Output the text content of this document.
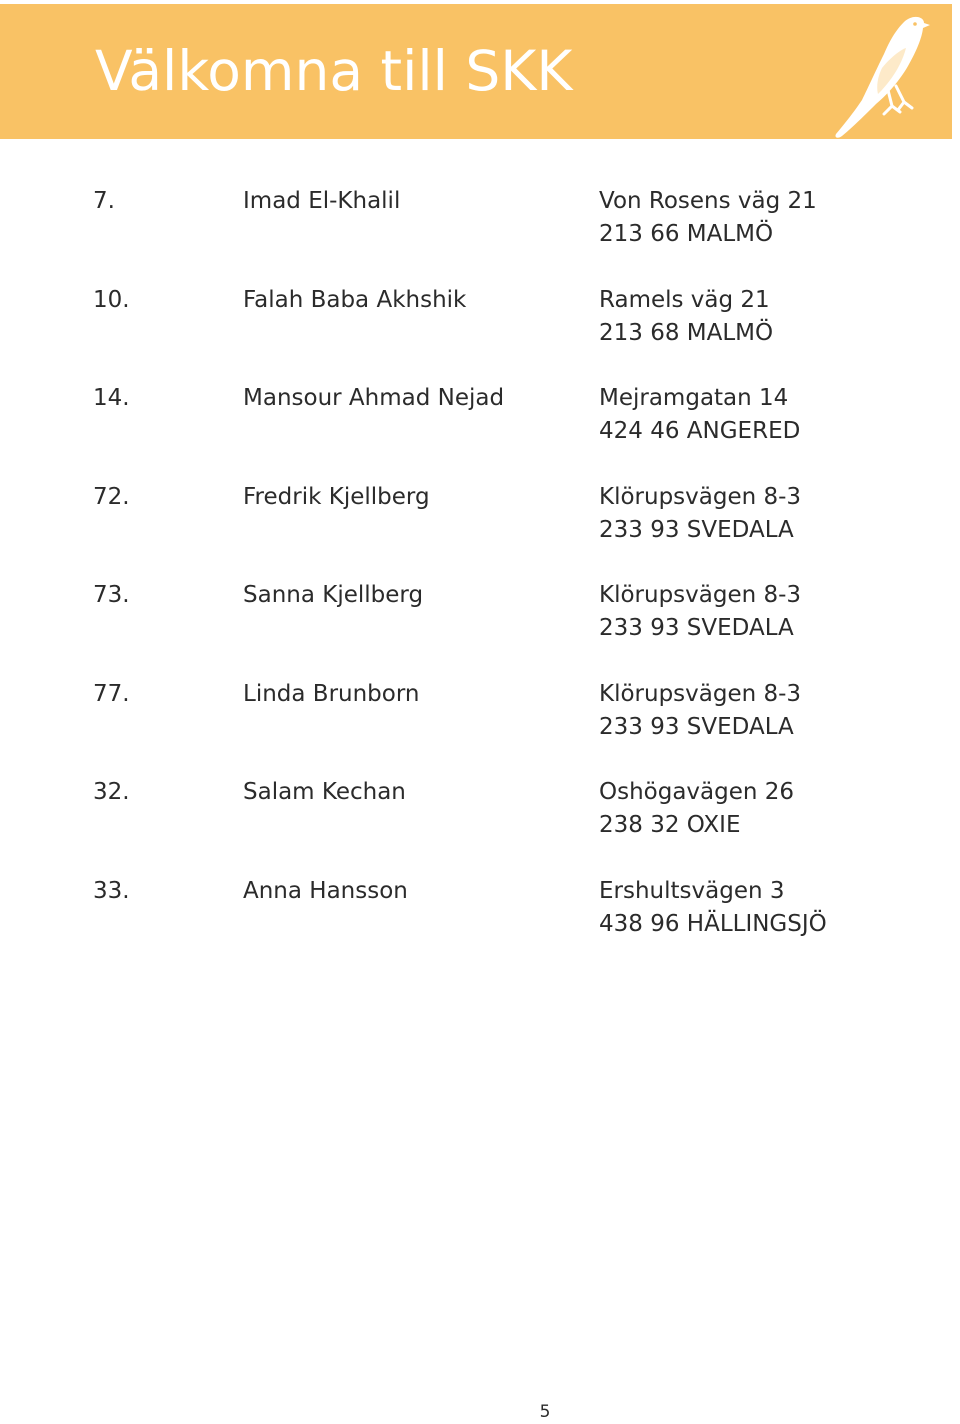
Välkomna till SKK
7.	Imad El-Khalil	Von Rosens väg 21
213 66 MALMÖ
10.	Falah Baba Akhshik	Ramels väg 21
213 68 MALMÖ
14.	Mansour Ahmad Nejad	Mejramgatan 14
424 46 ANGERED
72.	Fredrik Kjellberg	Klörupsvägen 8-3
233 93 SVEDALA
73.	Sanna Kjellberg	Klörupsvägen 8-3
233 93 SVEDALA
77.	Linda Brunborn	Klörupsvägen 8-3
233 93 SVEDALA
32.	Salam Kechan	Oshögavägen 26
238 32 OXIE
33.	Anna Hansson	Ershultsvägen 3
438 96 HÄLLINGSJÖ
5
